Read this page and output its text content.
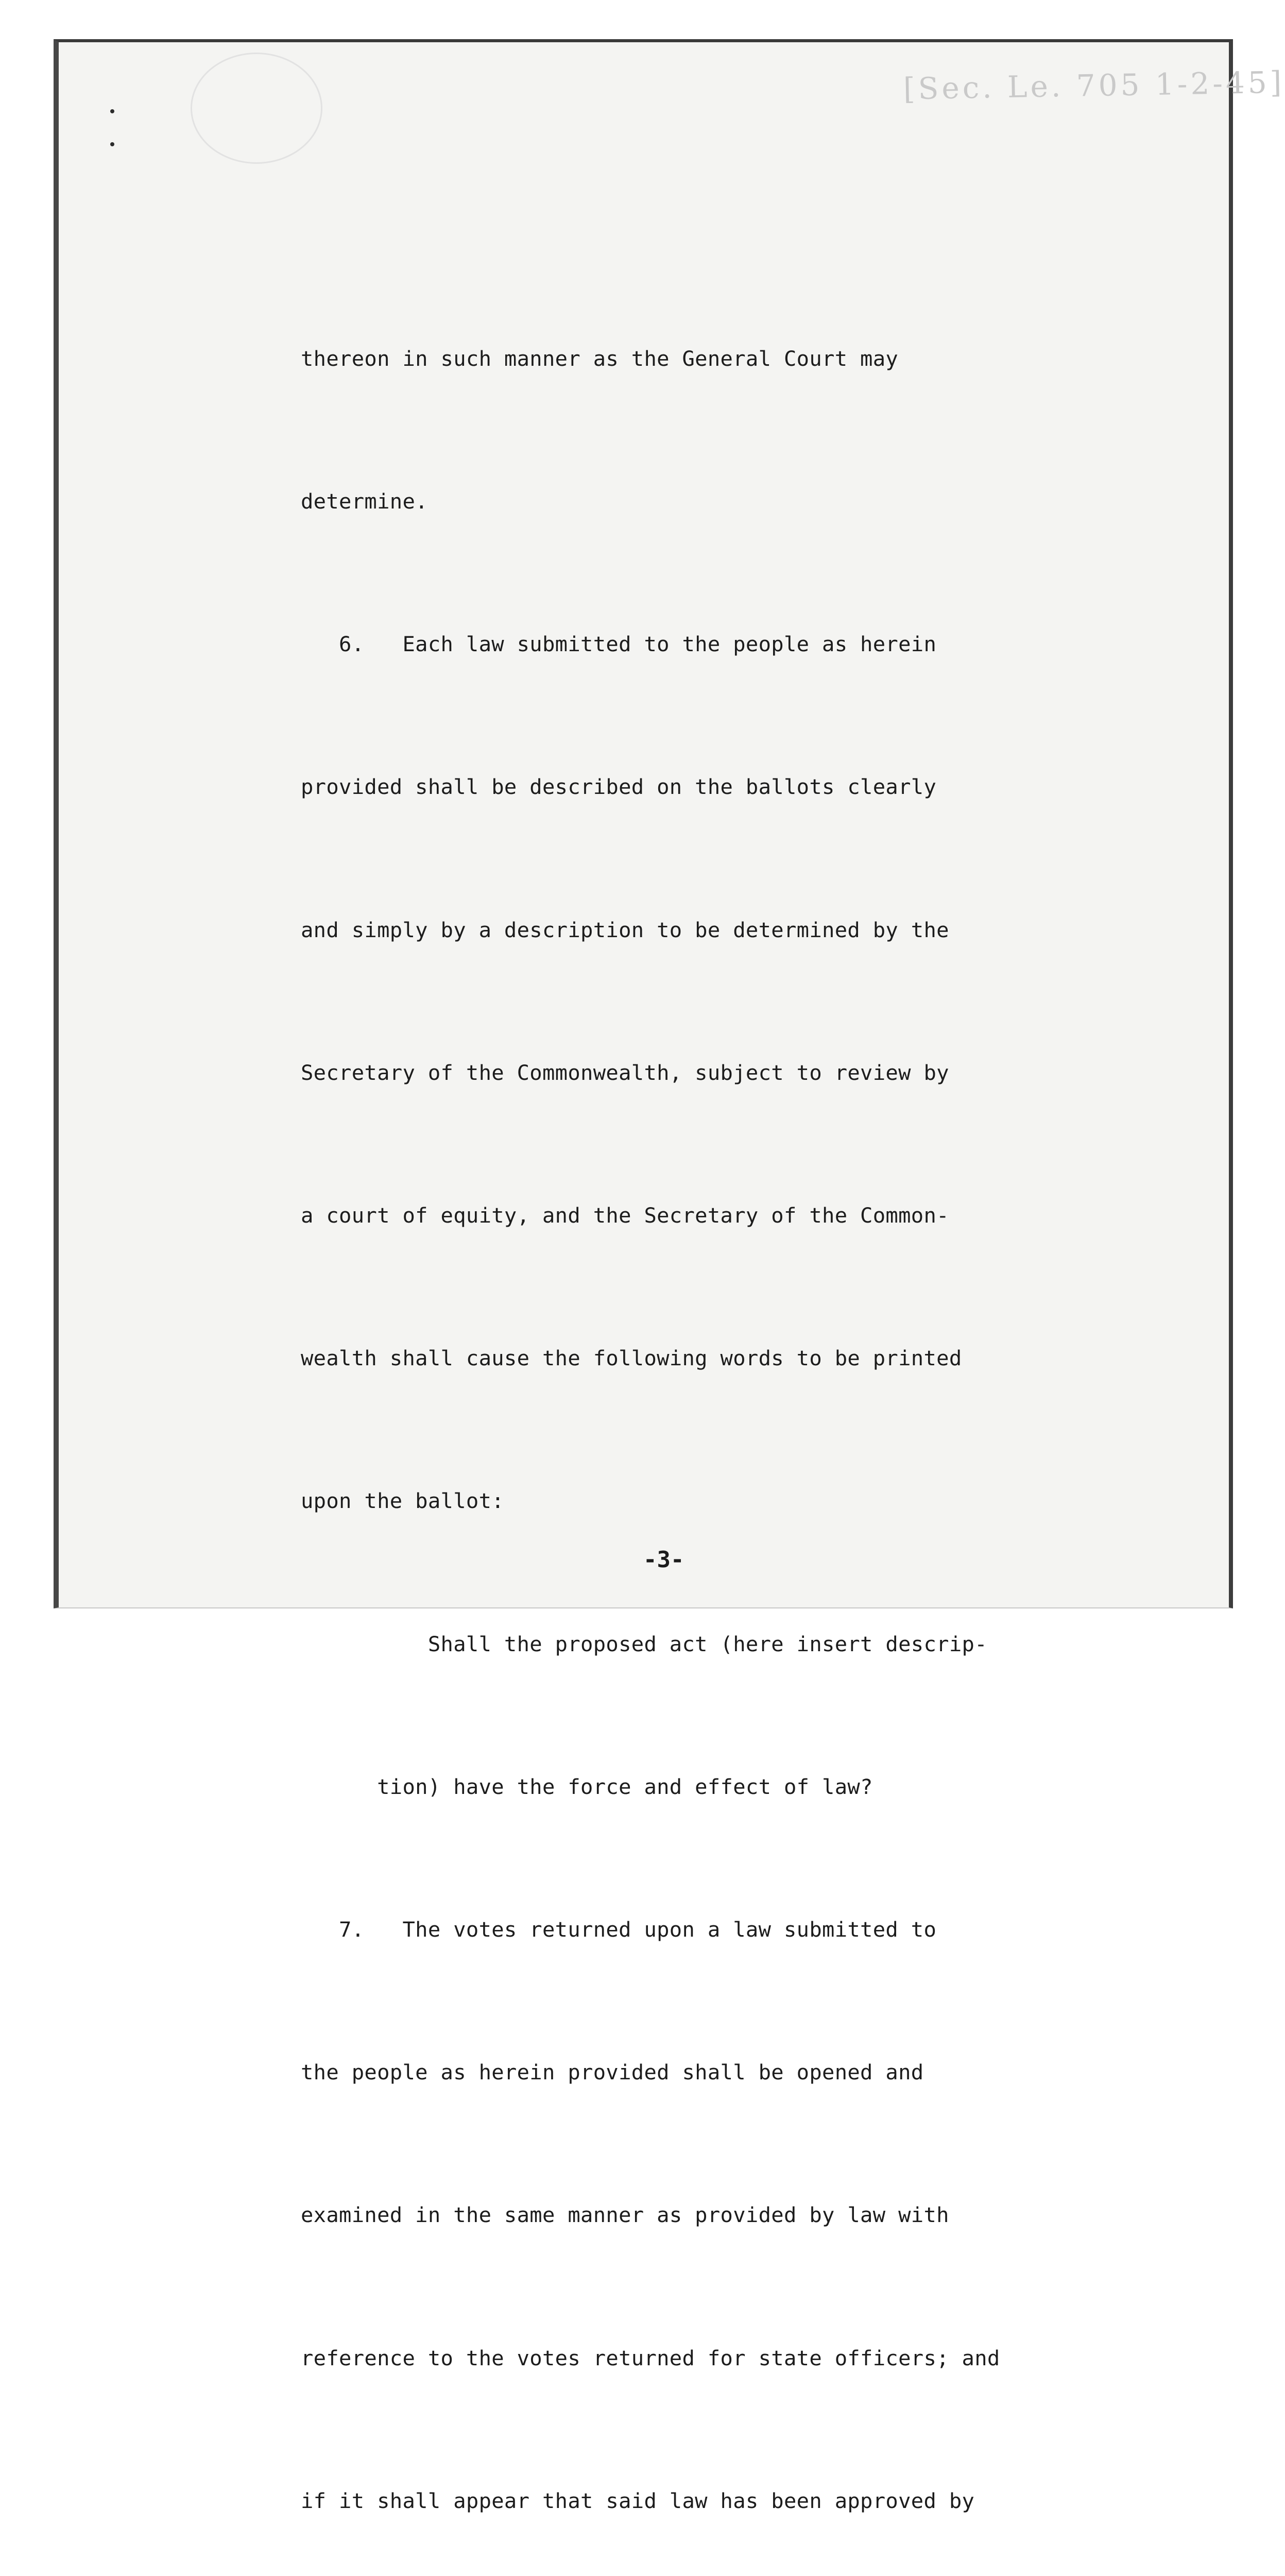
[Sec. Le. 705 1-2-45]

thereon in such manner as the General Court may

determine.

6.   Each law submitted to the people as herein

provided shall be described on the ballots clearly

and simply by a description to be determined by the

Secretary of the Commonwealth, subject to review by

a court of equity, and the Secretary of the Common-

wealth shall cause the following words to be printed

upon the ballot:

Shall the proposed act (here insert descrip-

tion) have the force and effect of law?

7.   The votes returned upon a law submitted to

the people as herein provided shall be opened and

examined in the same manner as provided by law with

reference to the votes returned for state officers; and

if it shall appear that said law has been approved by

-3-
